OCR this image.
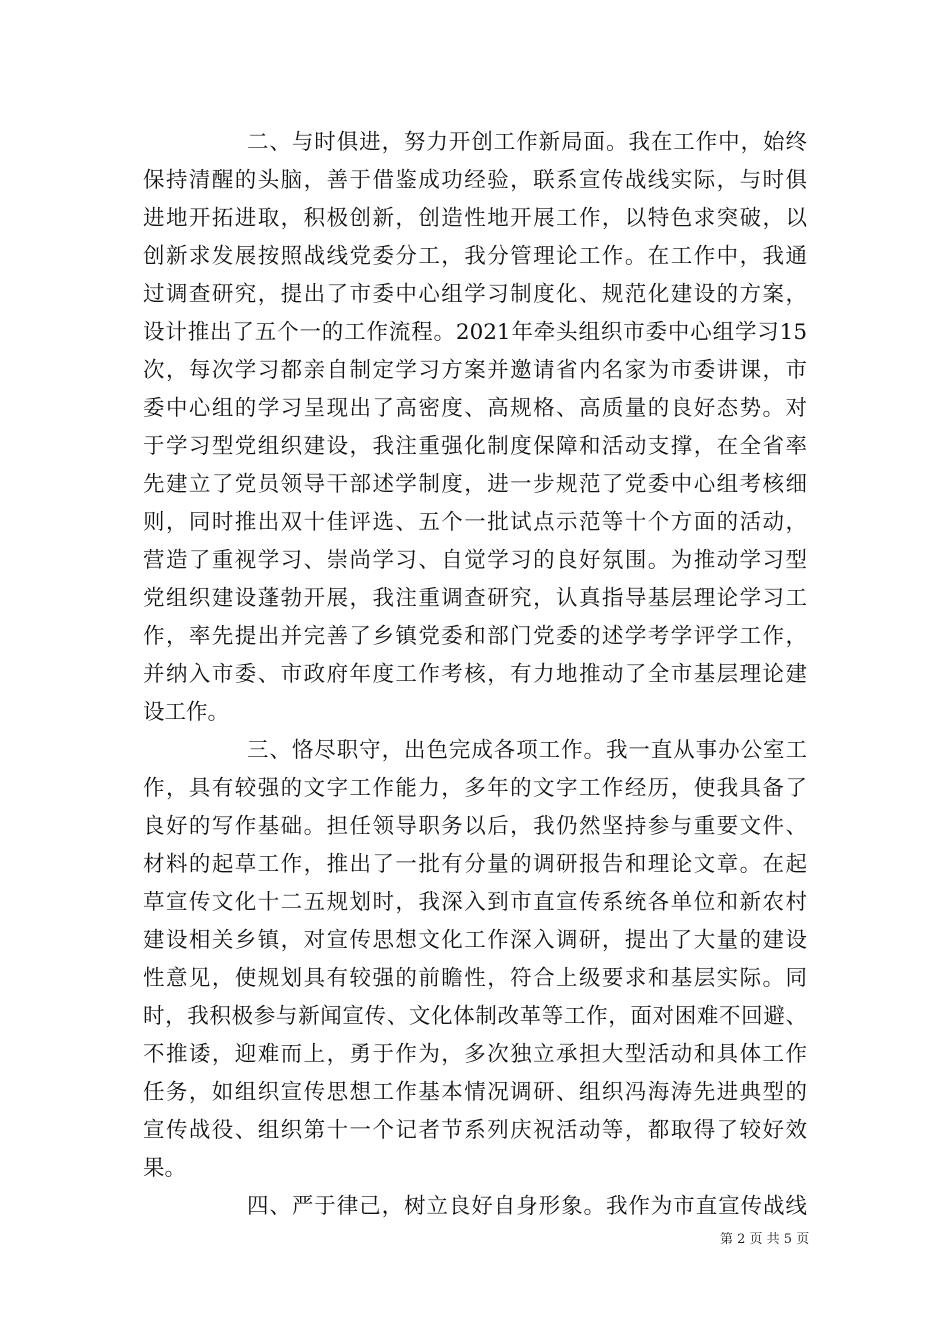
二、与时俱进，努力开创工作新局面。我在工作中，始终
保持清醒的头脑，善于借鉴成功经验，联系宣传战线实际，与时俱
进地开拓进取，积极创新，创造性地开展工作，以特色求突破，以
创新求发展按照战线党委分工，我分管理论工作。在工作中，我通
过调查研究，提出了市委中心组学习制度化、规范化建设的方案，
设计推出了五个一的工作流程。2021年牵头组织市委中心组学习15
次，每次学习都亲自制定学习方案并邀请省内名家为市委讲课，市
委中心组的学习呈现出了高密度、高规格、高质量的良好态势。对
于学习型党组织建设，我注重强化制度保障和活动支撑，在全省率
先建立了党员领导干部述学制度，进一步规范了党委中心组考核细
则，同时推出双十佳评选、五个一批试点示范等十个方面的活动，
营造了重视学习、崇尚学习、自觉学习的良好氛围。为推动学习型
党组织建设蓬勃开展，我注重调查研究，认真指导基层理论学习工
作，率先提出并完善了乡镇党委和部门党委的述学考学评学工作，
并纳入市委、市政府年度工作考核，有力地推动了全市基层理论建
设工作。
三、恪尽职守，出色完成各项工作。我一直从事办公室工
作，具有较强的文字工作能力，多年的文字工作经历，使我具备了
良好的写作基础。担任领导职务以后，我仍然坚持参与重要文件、
材料的起草工作，推出了一批有分量的调研报告和理论文章。在起
草宣传文化十二五规划时，我深入到市直宣传系统各单位和新农村
建设相关乡镇，对宣传思想文化工作深入调研，提出了大量的建设
性意见，使规划具有较强的前瞻性，符合上级要求和基层实际。同
时，我积极参与新闻宣传、文化体制改革等工作，面对困难不回避、
不推诿，迎难而上，勇于作为，多次独立承担大型活动和具体工作
任务，如组织宣传思想工作基本情况调研、组织冯海涛先进典型的
宣传战役、组织第十一个记者节系列庆祝活动等，都取得了较好效
果。
四、严于律己，树立良好自身形象。我作为市直宣传战线
第 2 页 共 5 页
